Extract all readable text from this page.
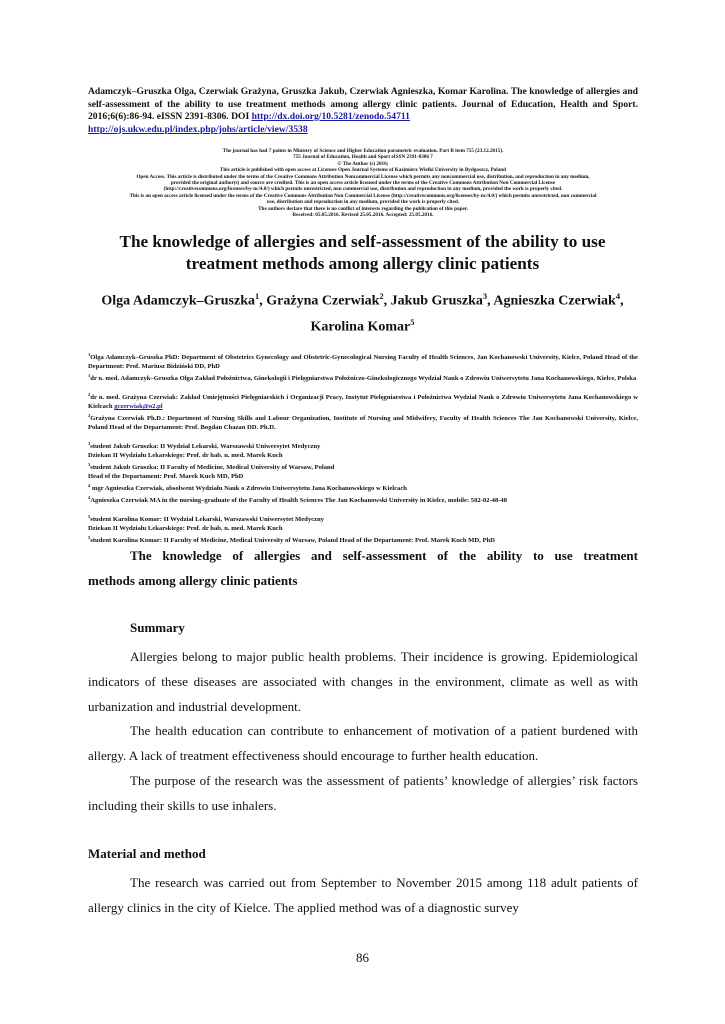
Adamczyk–Gruszka Olga, Czerwiak Grażyna, Gruszka Jakub, Czerwiak Agnieszka, Komar Karolina. The knowledge of allergies and self-assessment of the ability to use treatment methods among allergy clinic patients. Journal of Education, Health and Sport. 2016;6(6):86-94. eISSN 2391-8306. DOI http://dx.doi.org/10.5281/zenodo.54711
http://ojs.ukw.edu.pl/index.php/johs/article/view/3538
The journal has had 7 points in Ministry of Science and Higher Education parametric evaluation. Part B item 755 (23.12.2015).
755 Journal of Education, Health and Sport eISSN 2391-8306 7
© The Author (s) 2016;
This article is published with open access at Licensee Open Journal Systems of Kazimierz Wielki University in Bydgoszcz, Poland
Open Access. This article is distributed under the terms of the Creative Commons Attribution Noncommercial License which permits any noncommercial use, distribution, and reproduction in any medium,
provided the original author(s) and source are credited. This is an open access article licensed under the terms of the Creative Commons Attribution Non Commercial License
(http://creativecommons.org/licenses/by-nc/4.0/) which permits unrestricted, non commercial use, distribution and reproduction in any medium, provided the work is properly cited.
This is an open access article licensed under the terms of the Creative Commons Attribution Non Commercial License (http://creativecommons.org/licenses/by-nc/4.0/) which permits unrestricted, non commercial
use, distribution and reproduction in any medium, provided the work is properly cited.
The authors declare that there is no conflict of interests regarding the publication of this paper.
Received: 05.05.2016. Revised 25.05.2016. Accepted: 25.05.2016.
The knowledge of allergies and self-assessment of the ability to use treatment methods among allergy clinic patients
Olga Adamczyk–Gruszka$^1$, Grażyna Czerwiak$^2$, Jakub Gruszka$^3$, Agnieszka Czerwiak$^4$,
Karolina Komar$^5$

$^1$Olga Adamczyk–Gruszka PhD: Department of Obstetrics Gynecology and Obstetric-Gynecological Nursing Faculty of Health Sciences, Jan Kochanowski University, Kielce, Poland Head of the Department: Prof. Mariusz Bidziński DD, PhD

$^1$dr n. med. Adamczyk–Gruszka Olga Zakład Położnictwa, Ginekologii i Pielęgniarstwa Położniczo-Ginekologicznego Wydział Nauk o Zdrowiu Uniwersytetu Jana Kochanowskiego, Kielce, Polska

$^2$dr n. med. Grażyna Czerwiak: Zakład Umiejętności Pielęgniarskich i Organizacji Pracy, Instytut Pielęgniarstwa i Położnictwa Wydział Nauk o Zdrowiu Uniwersytetu Jana Kochanowskiego w Kielcach gczerwiak@o2.pl

$^2$Grażyna Czerwiak Ph.D.: Department of Nursing Skills and Labour Organization, Institute of Nursing and Midwifery, Faculty of Health Sciences The Jan Kochanowski University, Kielce, Poland Head of the Departament: Prof. Bogdan Chazan DD. Ph.D.

$^3$student Jakub Gruszka: II Wydział Lekarski, Warszawski Uniwersytet Medyczny

Dziekan II Wydziału Lekarskiego: Prof. dr hab. n. med. Marek Kuch

$^3$student Jakub Gruszka: II Faculty of Medicine, Medical University of Warsaw, Poland

Head of the Departament: Prof. Marek Kuch MD, PhD

$^4$ mgr Agnieszka Czerwiak, absolwent Wydziału Nauk o Zdrowiu Uniwersytetu Jana Kochanowskiego w Kielcach

$^4$Agnieszka Czerwiak MA in the nursing–graduate of the Faculty of Health Sciences The Jan Kochanowski University in Kielce, mobile: 502-02-48-48

$^5$student Karolina Komar: II Wydział Lekarski, Warszawski Uniwersytet Medyczny

Dziekan II Wydziału Lekarskiego: Prof. dr hab. n. med. Marek Kuch

$^5$student Karolina Komar: II Faculty of Medicine, Medical University of Warsaw, Poland Head of the Departament: Prof. Marek Kuch MD, PhD

The knowledge of allergies and self-assessment of the ability to use treatment
methods among allergy clinic patients
Summary

Allergies belong to major public health problems. Their incidence is growing. Epidemiological indicators of these diseases are associated with changes in the environment, climate as well as with urbanization and industrial development.

The health education can contribute to enhancement of motivation of a patient burdened with allergy. A lack of treatment effectiveness should encourage to further health education.

The purpose of the research was the assessment of patients’ knowledge of allergies’ risk factors including their skills to use inhalers.

Material and method

The research was carried out from September to November 2015 among 118 adult patients of allergy clinics in the city of Kielce. The applied method was of a diagnostic survey

86
